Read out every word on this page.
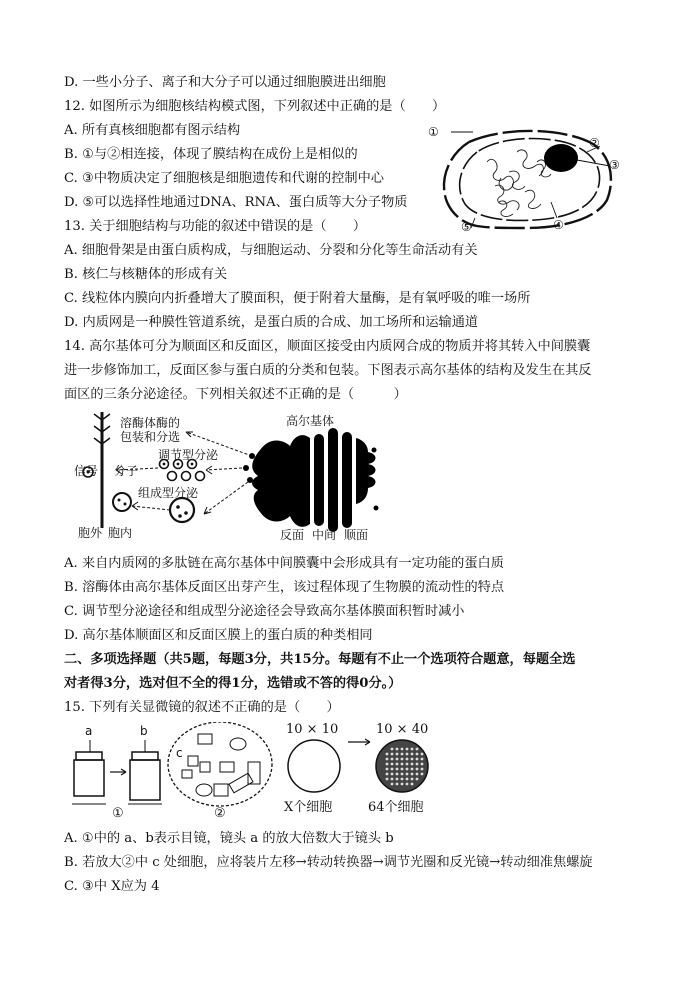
D. 一些小分子、离子和大分子可以通过细胞膜进出细胞
12. 如图所示为细胞核结构模式图，下列叙述中正确的是（　　）
A. 所有真核细胞都有图示结构
B. ①与②相连接，体现了膜结构在成份上是相似的
C. ③中物质决定了细胞核是细胞遗传和代谢的控制中心
D. ⑤可以选择性地通过DNA、RNA、蛋白质等大分子物质
13. 关于细胞结构与功能的叙述中错误的是（　　）
A. 细胞骨架是由蛋白质构成，与细胞运动、分裂和分化等生命活动有关
B. 核仁与核糖体的形成有关
C. 线粒体内膜向内折叠增大了膜面积，便于附着大量酶，是有氧呼吸的唯一场所
D. 内质网是一种膜性管道系统，是蛋白质的合成、加工场所和运输通道
14. 高尔基体可分为顺面区和反面区，顺面区接受由内质网合成的物质并将其转入中间膜囊
进一步修饰加工，反面区参与蛋白质的分类和包装。下图表示高尔基体的结构及发生在其反
面区的三条分泌途径。下列相关叙述不正确的是（　　　）
A. 来自内质网的多肽链在高尔基体中间膜囊中会形成具有一定功能的蛋白质
B. 溶酶体由高尔基体反面区出芽产生，该过程体现了生物膜的流动性的特点
C. 调节型分泌途径和组成型分泌途径会导致高尔基体膜面积暂时减小
D. 高尔基体顺面区和反面区膜上的蛋白质的种类相同
二、多项选择题（共5题，每题3分，共15分。每题有不止一个选项符合题意，每题全选
对者得3分，选对但不全的得1分，选错或不答的得0分。）
15. 下列有关显微镜的叙述不正确的是（　　）
A. ①中的 a、b表示目镜，镜头 a 的放大倍数大于镜头 b
B. 若放大②中 c 处细胞，应将装片左移→转动转换器→调节光圈和反光镜→转动细准焦螺旋
C. ③中 X应为 4
①
②
③
④
⑤
高尔基体
溶酶体酶的
包装和分选
调节型分泌
信号 分子
组成型分泌
胞外 胞内	反面 中间 顺面
a	b
c
10 × 10	10 × 40
X个细胞	64个细胞
①	②
